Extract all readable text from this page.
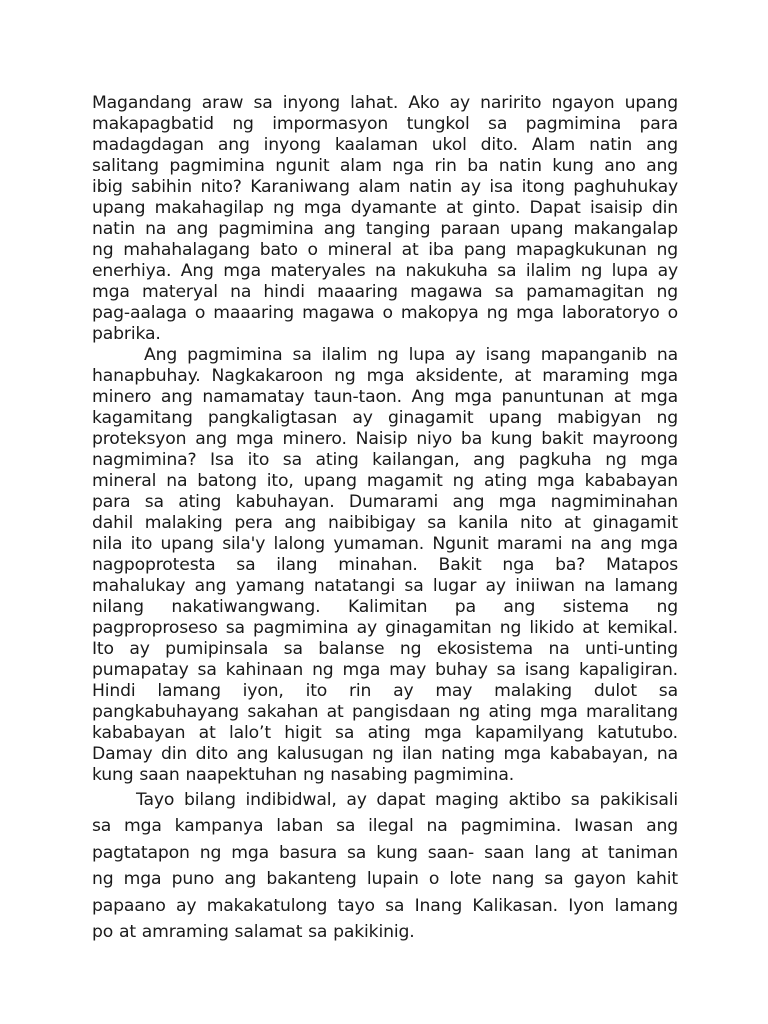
Magandang araw sa inyong lahat. Ako ay naririto ngayon upang
makapagbatid ng impormasyon tungkol sa pagmimina para
madagdagan ang inyong kaalaman ukol dito. Alam natin ang
salitang pagmimina ngunit alam nga rin ba natin kung ano ang
ibig sabihin nito? Karaniwang alam natin ay isa itong paghuhukay
upang makahagilap ng mga dyamante at ginto. Dapat isaisip din
natin na ang pagmimina ang tanging paraan upang makangalap
ng mahahalagang bato o mineral at iba pang mapagkukunan ng
enerhiya. Ang mga materyales na nakukuha sa ilalim ng lupa ay
mga materyal na hindi maaaring magawa sa pamamagitan ng
pag-aalaga o maaaring magawa o makopya ng mga laboratoryo o
pabrika.
Ang pagmimina sa ilalim ng lupa ay isang mapanganib na
hanapbuhay. Nagkakaroon ng mga aksidente, at maraming mga
minero ang namamatay taun-taon. Ang mga panuntunan at mga
kagamitang pangkaligtasan ay ginagamit upang mabigyan ng
proteksyon ang mga minero. Naisip niyo ba kung bakit mayroong
nagmimina? Isa ito sa ating kailangan, ang pagkuha ng mga
mineral na batong ito, upang magamit ng ating mga kababayan
para sa ating kabuhayan. Dumarami ang mga nagmiminahan
dahil malaking pera ang naibibigay sa kanila nito at ginagamit
nila ito upang sila'y lalong yumaman. Ngunit marami na ang mga
nagpoprotesta sa ilang minahan. Bakit nga ba? Matapos
mahalukay ang yamang natatangi sa lugar ay iniiwan na lamang
nilang nakatiwangwang. Kalimitan pa ang sistema ng
pagproproseso sa pagmimina ay ginagamitan ng likido at kemikal.
Ito ay pumipinsala sa balanse ng ekosistema na unti-unting
pumapatay sa kahinaan ng mga may buhay sa isang kapaligiran.
Hindi lamang iyon, ito rin ay may malaking dulot sa
pangkabuhayang sakahan at pangisdaan ng ating mga maralitang
kababayan at lalo’t higit sa ating mga kapamilyang katutubo.
Damay din dito ang kalusugan ng ilan nating mga kababayan, na
kung saan naapektuhan ng nasabing pagmimina.
Tayo bilang indibidwal, ay dapat maging aktibo sa pakikisali
sa mga kampanya laban sa ilegal na pagmimina. Iwasan ang
pagtatapon ng mga basura sa kung saan- saan lang at taniman
ng mga puno ang bakanteng lupain o lote nang sa gayon kahit
papaano ay makakatulong tayo sa Inang Kalikasan. Iyon lamang
po at amraming salamat sa pakikinig.
